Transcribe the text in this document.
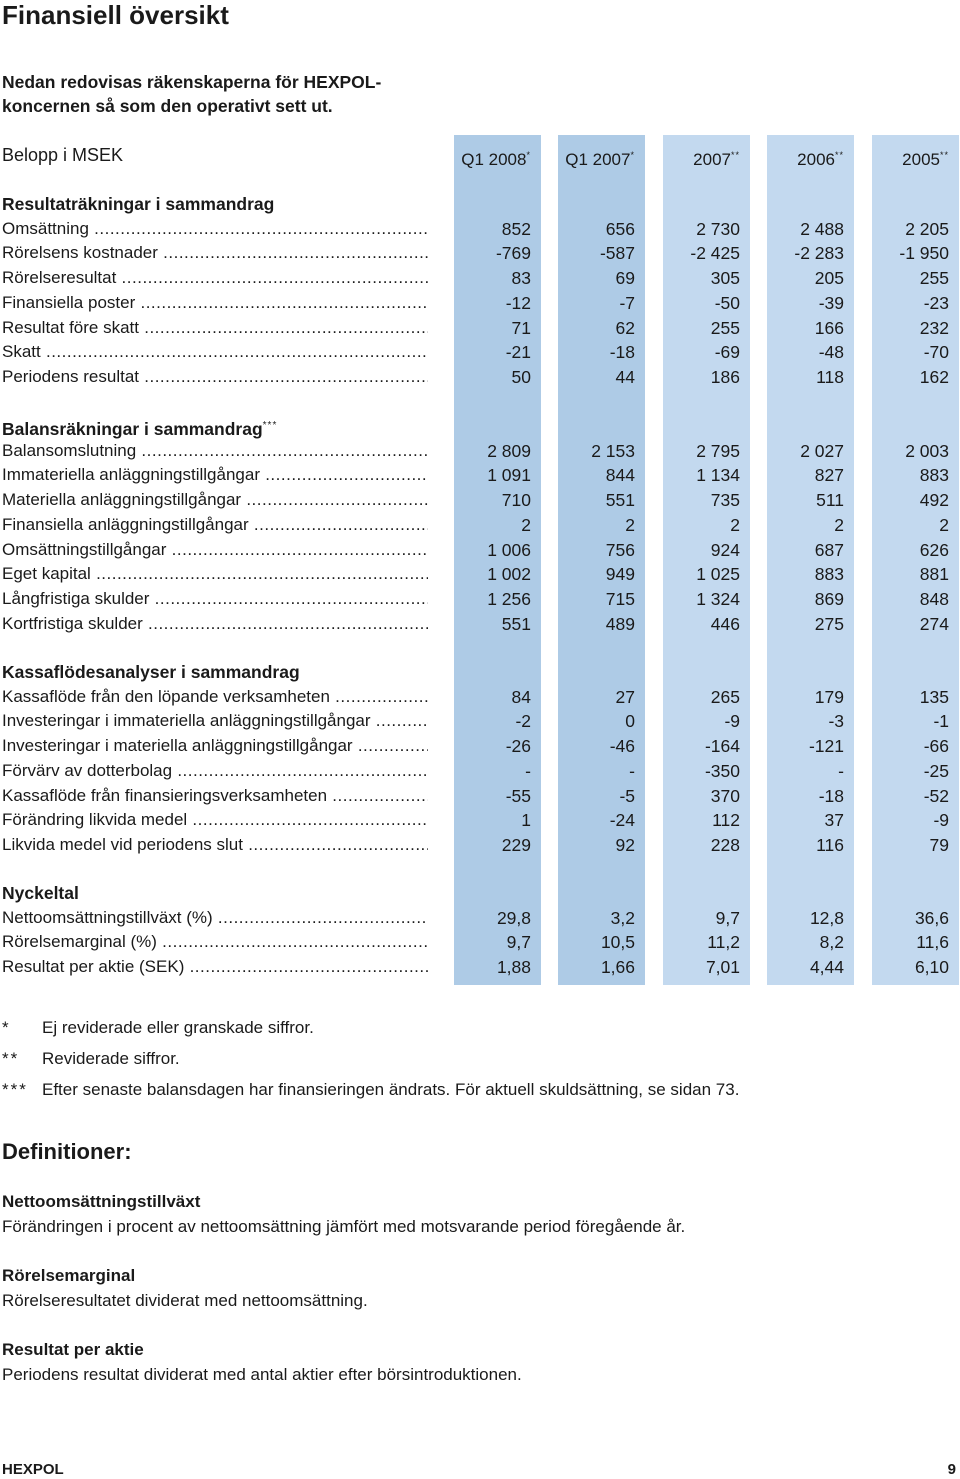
Finansiell översikt
Nedan redovisas räkenskaperna för HEXPOL-koncernen så som den operativt sett ut.
Belopp i MSEK	Q1 2008*	Q1 2007*	2007**	2006**	2005**
Resultaträkningar i sammandrag
Omsättning .....	852	656	2 730	2 488	2 205
Rörelsens kostnader .....	-769	-587	-2 425	-2 283	-1 950
Rörelseresultat .....	83	69	305	205	255
Finansiella poster .....	-12	-7	-50	-39	-23
Resultat före skatt .....	71	62	255	166	232
Skatt .....	-21	-18	-69	-48	-70
Periodens resultat .....	50	44	186	118	162
Balansräkningar i sammandrag***
Balansomslutning .....	2 809	2 153	2 795	2 027	2 003
Immateriella anläggningstillgångar .....	1 091	844	1 134	827	883
Materiella anläggningstillgångar .....	710	551	735	511	492
Finansiella anläggningstillgångar .....	2	2	2	2	2
Omsättningstillgångar .....	1 006	756	924	687	626
Eget kapital .....	1 002	949	1 025	883	881
Långfristiga skulder .....	1 256	715	1 324	869	848
Kortfristiga skulder .....	551	489	446	275	274
Kassaflödesanalyser i sammandrag
Kassaflöde från den löpande verksamheten .....	84	27	265	179	135
Investeringar i immateriella anläggningstillgångar .....	-2	0	-9	-3	-1
Investeringar i materiella anläggningstillgångar .....	-26	-46	-164	-121	-66
Förvärv av dotterbolag .....	-	-	-350	-	-25
Kassaflöde från finansieringsverksamheten .....	-55	-5	370	-18	-52
Förändring likvida medel .....	1	-24	112	37	-9
Likvida medel vid periodens slut .....	229	92	228	116	79
Nyckeltal
Nettoomsättningstillväxt (%) .....	29,8	3,2	9,7	12,8	36,6
Rörelsemarginal (%) .....	9,7	10,5	11,2	8,2	11,6
Resultat per aktie (SEK) .....	1,88	1,66	7,01	4,44	6,10
* Ej reviderade eller granskade siffror.
** Reviderade siffror.
*** Efter senaste balansdagen har finansieringen ändrats. För aktuell skuldsättning, se sidan 73.
Definitioner:
Nettoomsättningstillväxt
Förändringen i procent av nettoomsättning jämfört med motsvarande period föregående år.
Rörelsemarginal
Rörelseresultatet dividerat med nettoomsättning.
Resultat per aktie
Periodens resultat dividerat med antal aktier efter börsintroduktionen.
HEXPOL	9
